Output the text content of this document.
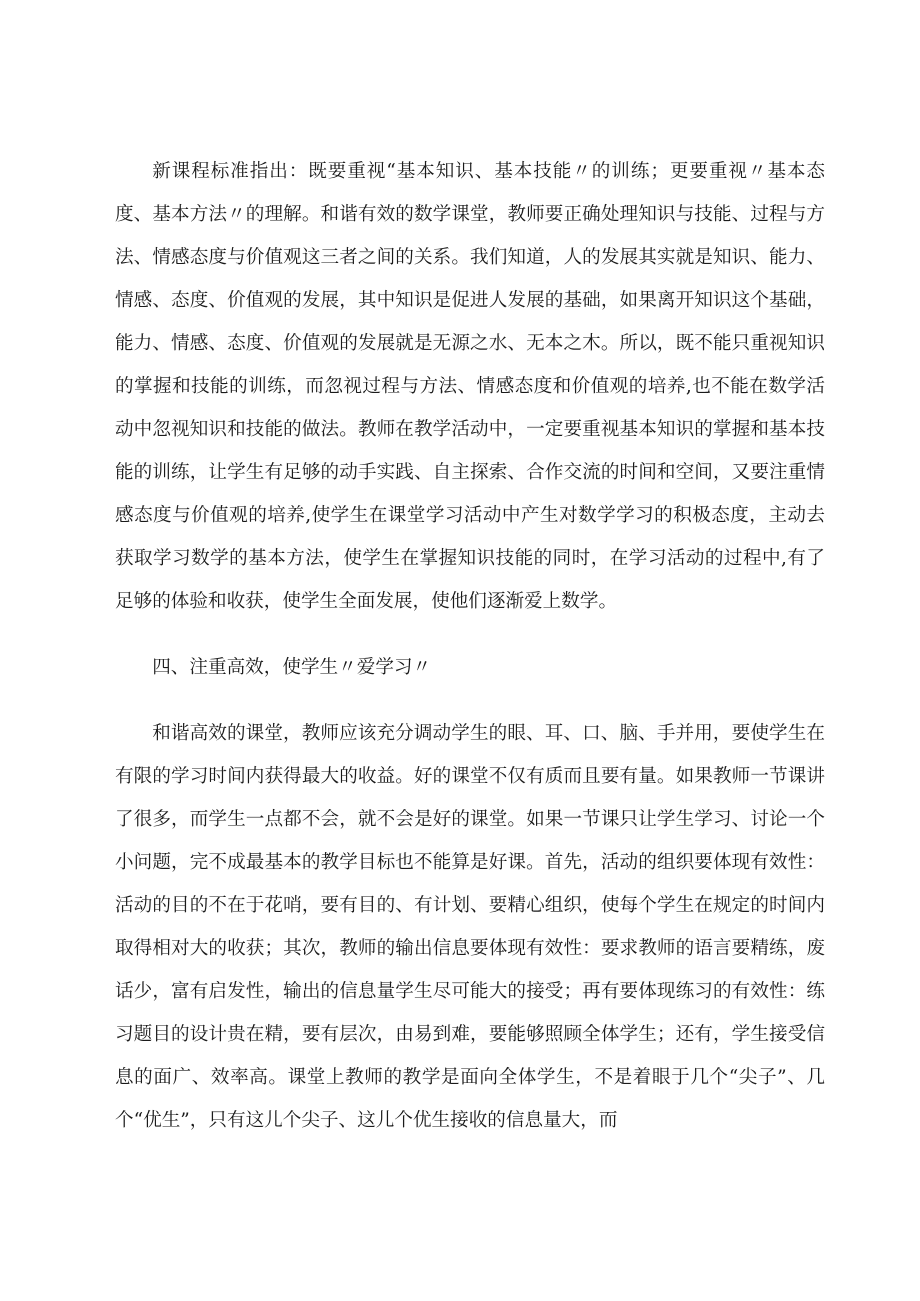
新课程标准指出：既要重视“基本知识、基本技能〃的训练；更要重视〃基本态度、基本方法〃的理解。和谐有效的数学课堂，教师要正确处理知识与技能、过程与方法、情感态度与价值观这三者之间的关系。我们知道，人的发展其实就是知识、能力、情感、态度、价值观的发展，其中知识是促进人发展的基础，如果离开知识这个基础，能力、情感、态度、价值观的发展就是无源之水、无本之木。所以，既不能只重视知识的掌握和技能的训练，而忽视过程与方法、情感态度和价值观的培养,也不能在数学活动中忽视知识和技能的做法。教师在教学活动中，一定要重视基本知识的掌握和基本技能的训练，让学生有足够的动手实践、自主探索、合作交流的时间和空间，又要注重情感态度与价值观的培养,使学生在课堂学习活动中产生对数学学习的积极态度，主动去获取学习数学的基本方法，使学生在掌握知识技能的同时，在学习活动的过程中,有了足够的体验和收获，使学生全面发展，使他们逐渐爱上数学。

四、注重高效，使学生〃爱学习〃

和谐高效的课堂，教师应该充分调动学生的眼、耳、口、脑、手并用，要使学生在有限的学习时间内获得最大的收益。好的课堂不仅有质而且要有量。如果教师一节课讲了很多，而学生一点都不会，就不会是好的课堂。如果一节课只让学生学习、讨论一个小问题，完不成最基本的教学目标也不能算是好课。首先，活动的组织要体现有效性：活动的目的不在于花哨，要有目的、有计划、要精心组织，使每个学生在规定的时间内取得相对大的收获；其次，教师的输出信息要体现有效性：要求教师的语言要精练，废话少，富有启发性，输出的信息量学生尽可能大的接受；再有要体现练习的有效性：练习题目的设计贵在精，要有层次，由易到难，要能够照顾全体学生；还有，学生接受信息的面广、效率高。课堂上教师的教学是面向全体学生，不是着眼于几个“尖子”、几个“优生”，只有这儿个尖子、这儿个优生接收的信息量大，而
